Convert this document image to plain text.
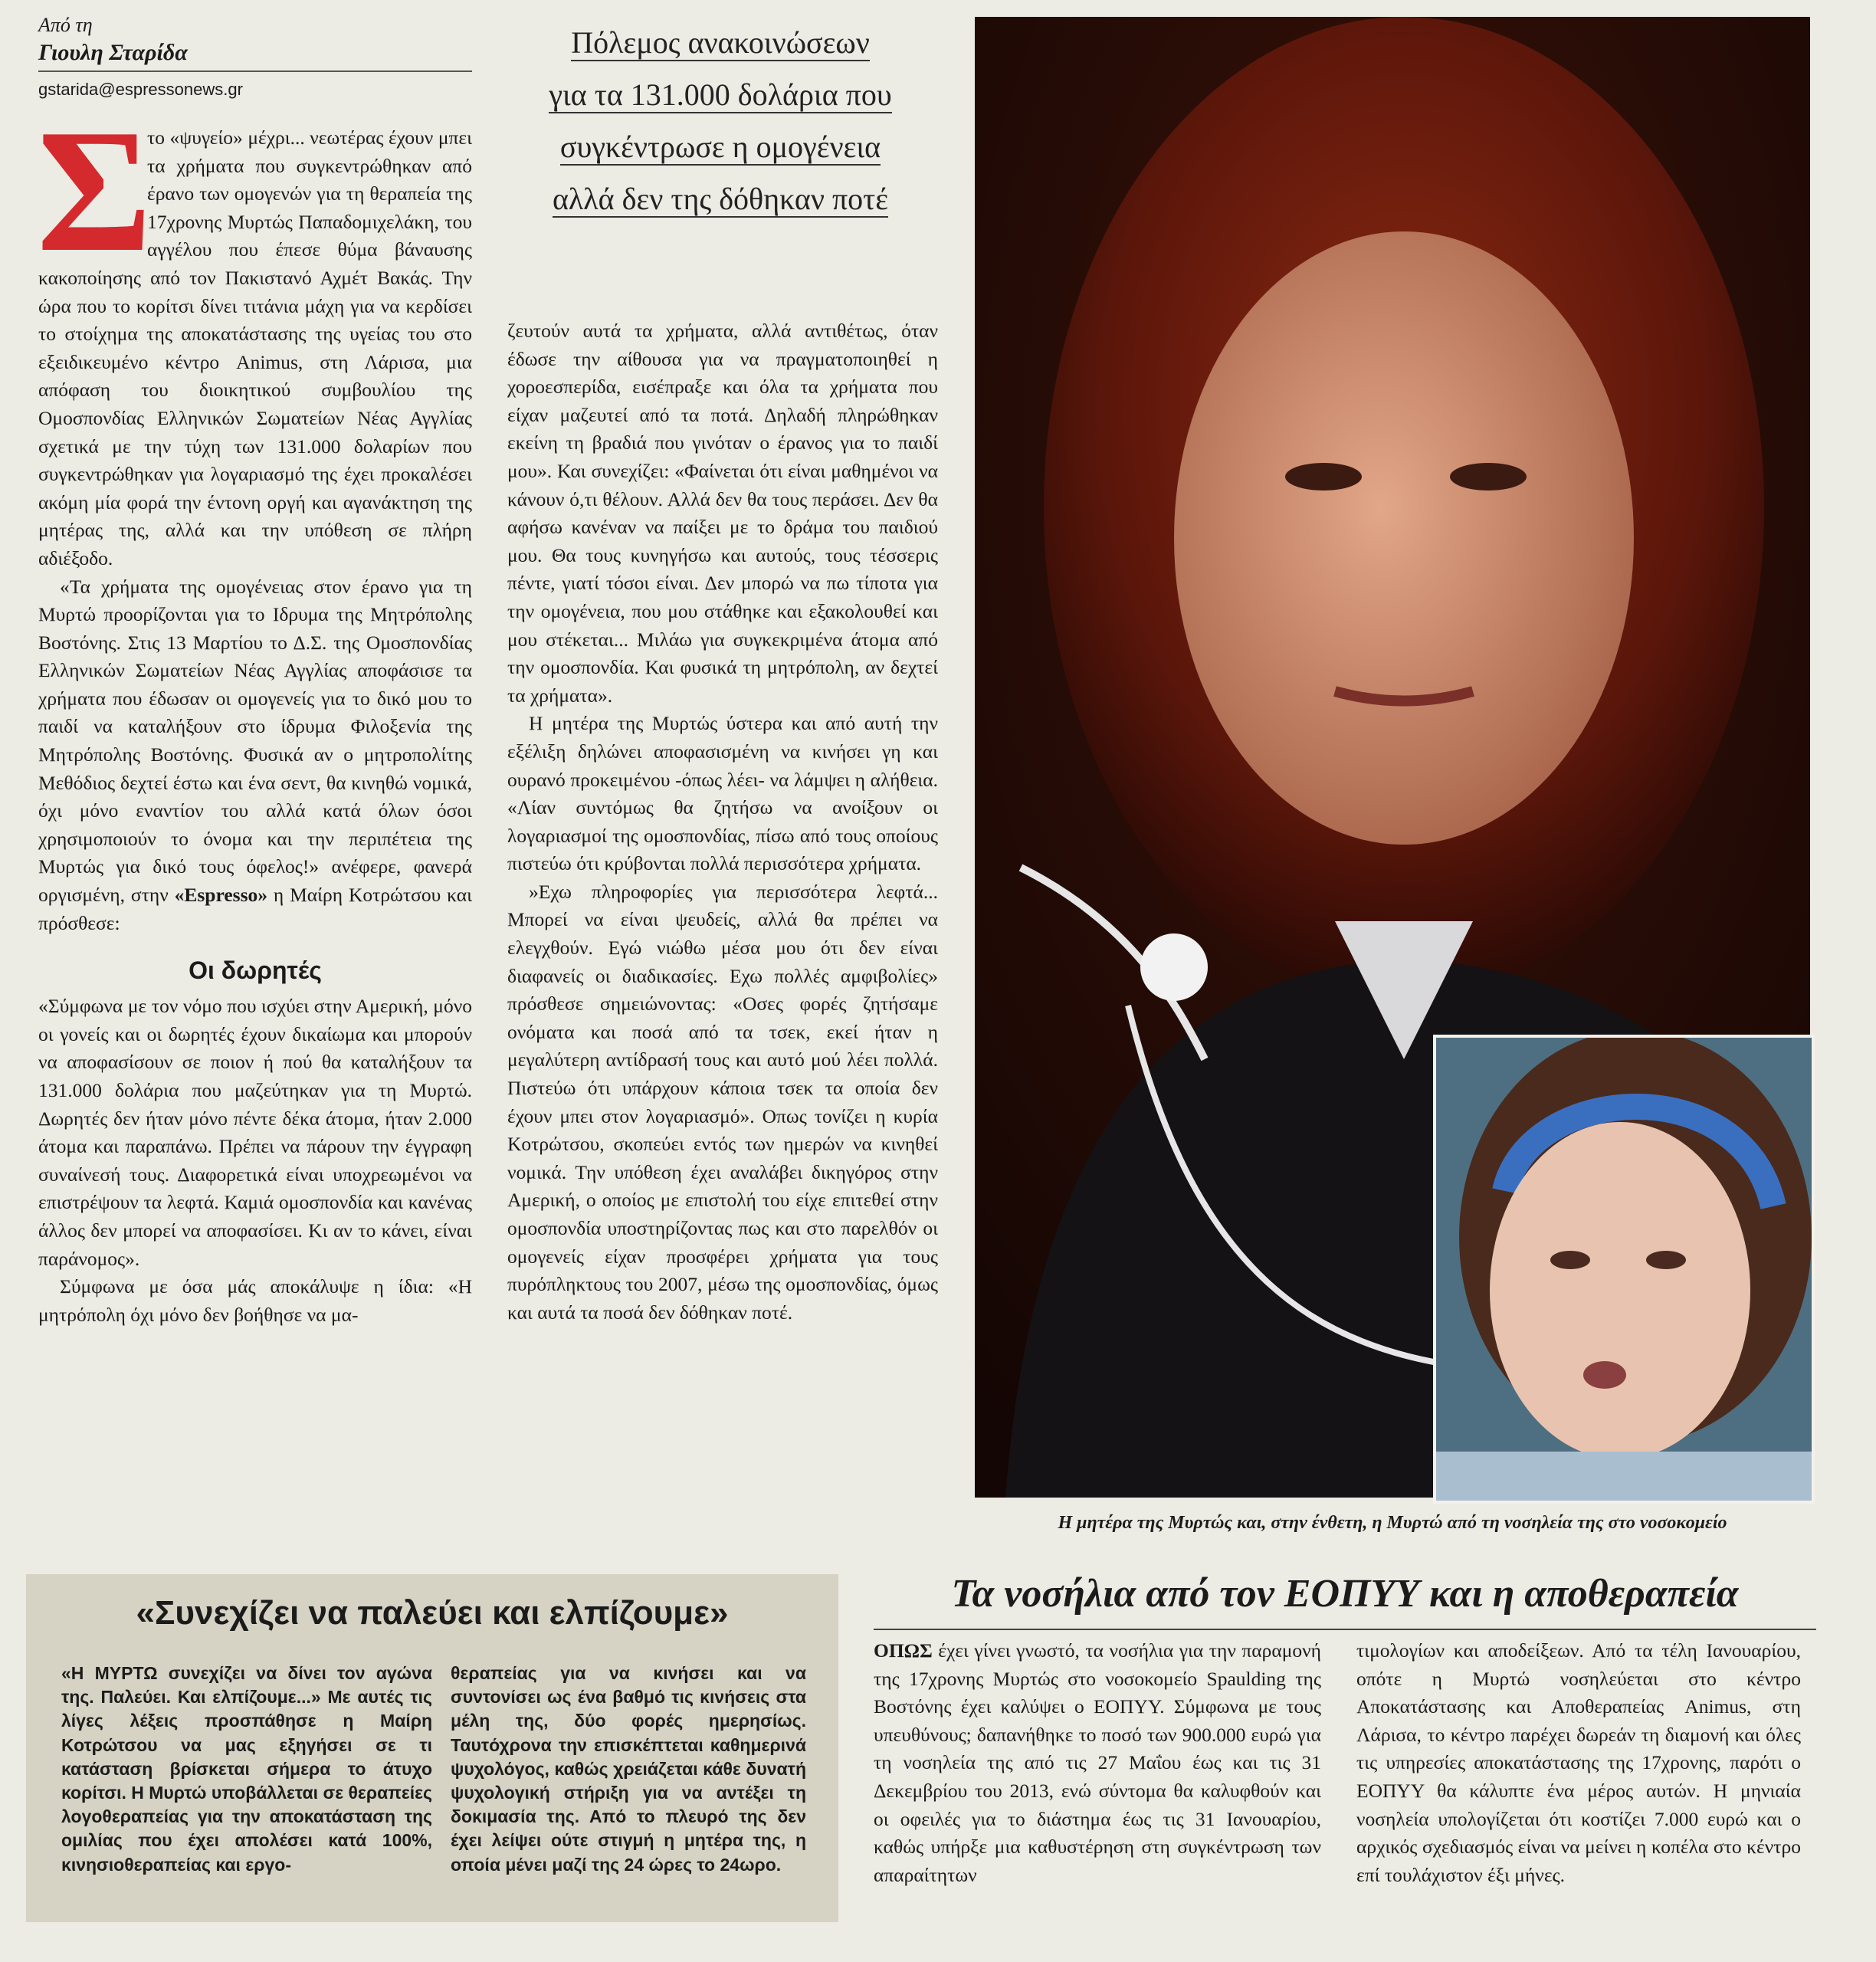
Από τη
Γιουλη Σταρίδα
gstarida@espressonews.gr
Πόλεμος ανακοινώσεων
για τα 131.000 δολάρια που
συγκέντρωσε η ομογένεια
αλλά δεν της δόθηκαν ποτέ
Σ

το «ψυγείο» μέχρι... νεωτέρας έχουν μπει τα χρήματα που συγκεντρώθηκαν από έρανο των ομογενών για τη θεραπεία της 17χρονης Μυρτώς Παπαδομιχελάκη, του αγγέλου που έπεσε θύμα βάναυσης κακοποίησης από τον Πακιστανό Αχμέτ Βακάς. Την ώρα που το κορίτσι δίνει τιτάνια μάχη για να κερδίσει το στοίχημα της αποκατάστασης της υγείας του στο εξειδικευμένο κέντρο Animus, στη Λάρισα, μια απόφαση του διοικητικού συμβουλίου της Ομοσπονδίας Ελληνικών Σωματείων Νέας Αγγλίας σχετικά με την τύχη των 131.000 δολαρίων που συγκεντρώθηκαν για λογαριασμό της έχει προκαλέσει ακόμη μία φορά την έντονη οργή και αγανάκτηση της μητέρας της, αλλά και την υπόθεση σε πλήρη αδιέξοδο.

«Τα χρήματα της ομογένειας στον έρανο για τη Μυρτώ προορίζονται για το Ιδρυμα της Μητρόπολης Βοστόνης. Στις 13 Μαρτίου το Δ.Σ. της Ομοσπονδίας Ελληνικών Σωματείων Νέας Αγγλίας αποφάσισε τα χρήματα που έδωσαν οι ομογενείς για το δικό μου το παιδί να καταλήξουν στο ίδρυμα Φιλοξενία της Μητρόπολης Βοστόνης. Φυσικά αν ο μητροπολίτης Μεθόδιος δεχτεί έστω και ένα σεντ, θα κινηθώ νομικά, όχι μόνο εναντίον του αλλά κατά όλων όσοι χρησιμοποιούν το όνομα και την περιπέτεια της Μυρτώς για δικό τους όφελος!» ανέφερε, φανερά οργισμένη, στην «Espresso» η Μαίρη Κοτρώτσου και πρόσθεσε:

Οι δωρητές

«Σύμφωνα με τον νόμο που ισχύει στην Αμερική, μόνο οι γονείς και οι δωρητές έχουν δικαίωμα και μπορούν να αποφασίσουν σε ποιον ή πού θα καταλήξουν τα 131.000 δολάρια που μαζεύτηκαν για τη Μυρτώ. Δωρητές δεν ήταν μόνο πέντε δέκα άτομα, ήταν 2.000 άτομα και παραπάνω. Πρέπει να πάρουν την έγγραφη συναίνεσή τους. Διαφορετικά είναι υποχρεωμένοι να επιστρέψουν τα λεφτά. Καμιά ομοσπονδία και κανένας άλλος δεν μπορεί να αποφασίσει. Κι αν το κάνει, είναι παράνομος».

Σύμφωνα με όσα μάς αποκάλυψε η ίδια: «Η μητρόπολη όχι μόνο δεν βοήθησε να μα-

ζευτούν αυτά τα χρήματα, αλλά αντιθέτως, όταν έδωσε την αίθουσα για να πραγματοποιηθεί η χοροεσπερίδα, εισέπραξε και όλα τα χρήματα που είχαν μαζευτεί από τα ποτά. Δηλαδή πληρώθηκαν εκείνη τη βραδιά που γινόταν ο έρανος για το παιδί μου». Και συνεχίζει: «Φαίνεται ότι είναι μαθημένοι να κάνουν ό,τι θέλουν. Αλλά δεν θα τους περάσει. Δεν θα αφήσω κανέναν να παίξει με το δράμα του παιδιού μου. Θα τους κυνηγήσω και αυτούς, τους τέσσερις πέντε, γιατί τόσοι είναι. Δεν μπορώ να πω τίποτα για την ομογένεια, που μου στάθηκε και εξακολουθεί και μου στέκεται... Μιλάω για συγκεκριμένα άτομα από την ομοσπονδία. Και φυσικά τη μητρόπολη, αν δεχτεί τα χρήματα».

Η μητέρα της Μυρτώς ύστερα και από αυτή την εξέλιξη δηλώνει αποφασισμένη να κινήσει γη και ουρανό προκειμένου -όπως λέει- να λάμψει η αλήθεια. «Λίαν συντόμως θα ζητήσω να ανοίξουν οι λογαριασμοί της ομοσπονδίας, πίσω από τους οποίους πιστεύω ότι κρύβονται πολλά περισσότερα χρήματα.

»Εχω πληροφορίες για περισσότερα λεφτά... Μπορεί να είναι ψευδείς, αλλά θα πρέπει να ελεγχθούν. Εγώ νιώθω μέσα μου ότι δεν είναι διαφανείς οι διαδικασίες. Εχω πολλές αμφιβολίες» πρόσθεσε σημειώνοντας: «Οσες φορές ζητήσαμε ονόματα και ποσά από τα τσεκ, εκεί ήταν η μεγαλύτερη αντίδρασή τους και αυτό μού λέει πολλά. Πιστεύω ότι υπάρχουν κάποια τσεκ τα οποία δεν έχουν μπει στον λογαριασμό». Οπως τονίζει η κυρία Κοτρώτσου, σκοπεύει εντός των ημερών να κινηθεί νομικά. Την υπόθεση έχει αναλάβει δικηγόρος στην Αμερική, ο οποίος με επιστολή του είχε επιτεθεί στην ομοσπονδία υποστηρίζοντας πως και στο παρελθόν οι ομογενείς είχαν προσφέρει χρήματα για τους πυρόπληκτους του 2007, μέσω της ομοσπονδίας, όμως και αυτά τα ποσά δεν δόθηκαν ποτέ.

Η μητέρα της Μυρτώς και, στην ένθετη, η Μυρτώ από τη νοσηλεία της στο νοσοκομείο
«Συνεχίζει να παλεύει και ελπίζουμε»
«Η ΜΥΡΤΩ συνεχίζει να δίνει τον αγώνα της. Παλεύει. Και ελπίζουμε...» Με αυτές τις λίγες λέξεις προσπάθησε η Μαίρη Κοτρώτσου να μας εξηγήσει σε τι κατάσταση βρίσκεται σήμερα το άτυχο κορίτσι. Η Μυρτώ υποβάλλεται σε θεραπείες λογοθεραπείας για την αποκατάσταση της ομιλίας που έχει απολέσει κατά 100%, κινησιοθεραπείας και εργο-
θεραπείας για να κινήσει και να συντονίσει ως ένα βαθμό τις κινήσεις στα μέλη της, δύο φορές ημερησίως. Ταυτόχρονα την επισκέπτεται καθημερινά ψυχολόγος, καθώς χρειάζεται κάθε δυνατή ψυχολογική στήριξη για να αντέξει τη δοκιμασία της. Από το πλευρό της δεν έχει λείψει ούτε στιγμή η μητέρα της, η οποία μένει μαζί της 24 ώρες το 24ωρο.
Τα νοσήλια από τον ΕΟΠΥΥ και η αποθεραπεία

ΟΠΩΣ έχει γίνει γνωστό, τα νοσήλια για την παραμονή της 17χρονης Μυρτώς στο νοσοκομείο Spaulding της Βοστόνης έχει καλύψει ο ΕΟΠΥΥ. Σύμφωνα με τους υπευθύνους; δαπανήθηκε το ποσό των 900.000 ευρώ για τη νοσηλεία της από τις 27 Μαΐου έως και τις 31 Δεκεμβρίου του 2013, ενώ σύντομα θα καλυφθούν και οι οφειλές για το διάστημα έως τις 31 Ιανουαρίου, καθώς υπήρξε μια καθυστέρηση στη συγκέντρωση των απαραίτητων

τιμολογίων και αποδείξεων. Από τα τέλη Ιανουαρίου, οπότε η Μυρτώ νοσηλεύεται στο κέντρο Αποκατάστασης και Αποθεραπείας Animus, στη Λάρισα, το κέντρο παρέχει δωρεάν τη διαμονή και όλες τις υπηρεσίες αποκατάστασης της 17χρονης, παρότι ο ΕΟΠΥΥ θα κάλυπτε ένα μέρος αυτών. Η μηνιαία νοσηλεία υπολογίζεται ότι κοστίζει 7.000 ευρώ και ο αρχικός σχεδιασμός είναι να μείνει η κοπέλα στο κέντρο επί τουλάχιστον έξι μήνες.
